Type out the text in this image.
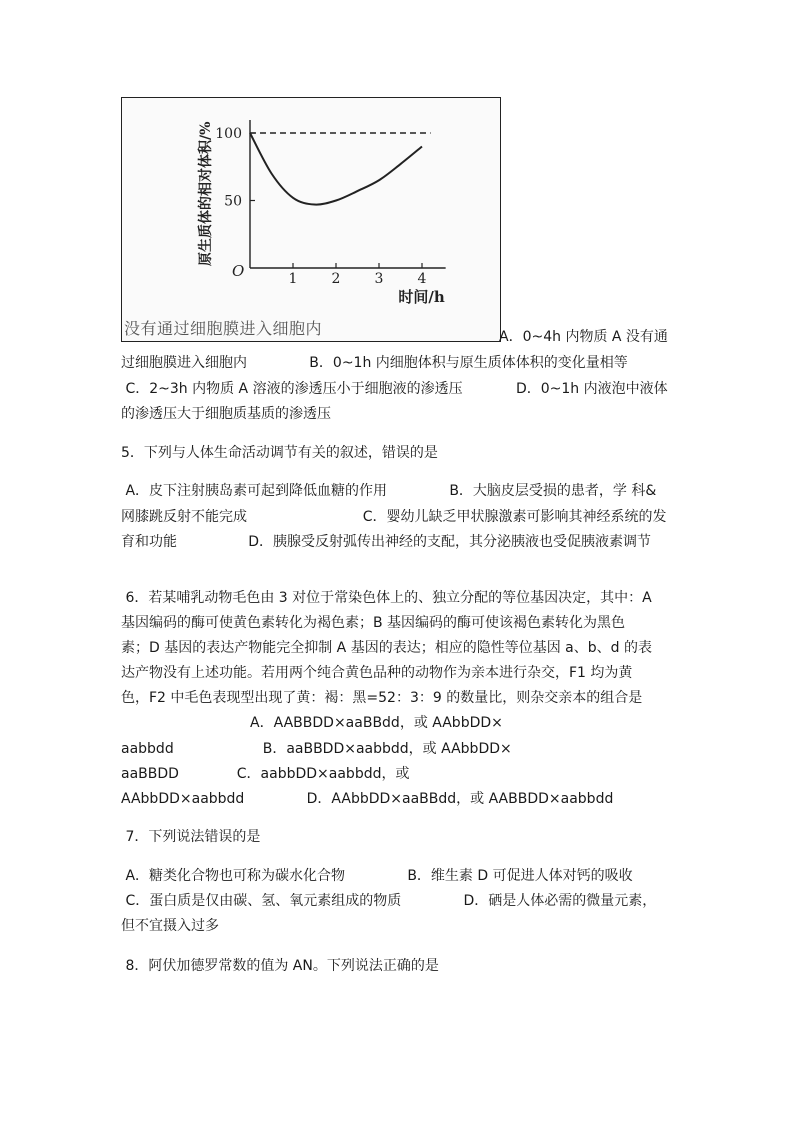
1 2 3 4
50
100
O
时间/h
原生质体的相对体积/%
没有通过细胞膜进入细胞内	A．0~4h 内物质 A 没有通
过细胞膜进入细胞内              B．0~1h 内细胞体积与原生质体体积的变化量相等
C．2~3h 内物质 A 溶液的渗透压小于细胞液的渗透压            D．0~1h 内液泡中液体
的渗透压大于细胞质基质的渗透压
5．下列与人体生命活动调节有关的叙述，错误的是
A．皮下注射胰岛素可起到降低血糖的作用              B．大脑皮层受损的患者，学 科&
网膝跳反射不能完成                          C．婴幼儿缺乏甲状腺激素可影响其神经系统的发
育和功能                D．胰腺受反射弧传出神经的支配，其分泌胰液也受促胰液素调节
6．若某哺乳动物毛色由 3 对位于常染色体上的、独立分配的等位基因决定，其中：A
基因编码的酶可使黄色素转化为褐色素；B 基因编码的酶可使该褐色素转化为黑色
素；D 基因的表达产物能完全抑制 A 基因的表达；相应的隐性等位基因 a、b、d 的表
达产物没有上述功能。若用两个纯合黄色品种的动物作为亲本进行杂交，F1 均为黄
色，F2 中毛色表现型出现了黄：褐：黑=52：3：9 的数量比，则杂交亲本的组合是
A．AABBDD×aaBBdd，或 AAbbDD×
aabbdd                    B．aaBBDD×aabbdd，或 AAbbDD×
aaBBDD             C．aabbDD×aabbdd，或
AAbbDD×aabbdd              D．AAbbDD×aaBBdd，或 AABBDD×aabbdd
7．下列说法错误的是
A．糖类化合物也可称为碳水化合物              B．维生素 D 可促进人体对钙的吸收
C．蛋白质是仅由碳、氢、氧元素组成的物质              D．硒是人体必需的微量元素，
但不宜摄入过多
8．阿伏加德罗常数的值为 AN。下列说法正确的是
